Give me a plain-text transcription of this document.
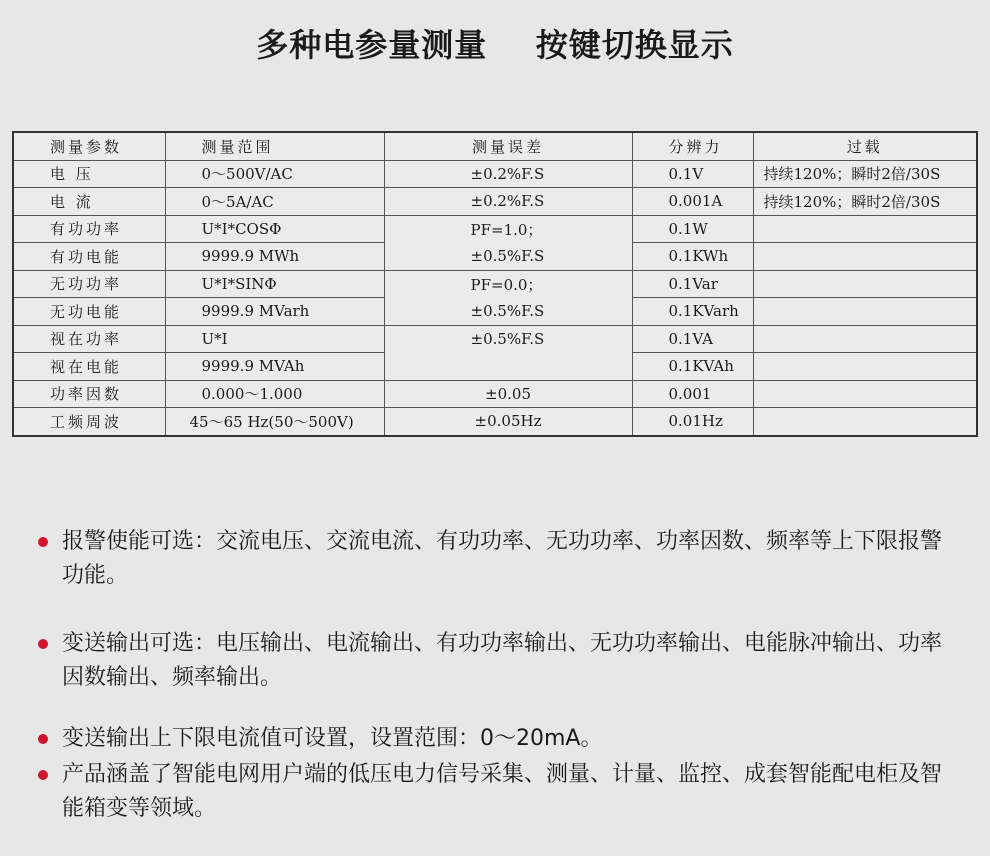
多种电参量测量    按键切换显示
测量参数	测量范围	测量误差	分辨力	过载
电 压	0～500V/AC	±0.2%F.S	0.1V	持续120%；瞬时2倍/30S
电 流	0～5A/AC	±0.2%F.S	0.001A	持续120%；瞬时2倍/30S
有功功率	U*I*COSΦ	PF=1.0；	0.1W	
有功电能	9999.9 MWh	±0.5%F.S	0.1KWh	
无功功率	U*I*SINΦ	PF=0.0；	0.1Var	
无功电能	9999.9 MVarh	±0.5%F.S	0.1KVarh	
视在功率	U*I	±0.5%F.S	0.1VA	
视在电能	9999.9 MVAh		0.1KVAh	
功率因数	0.000～1.000	±0.05	0.001	
工频周波	45～65 Hz(50～500V)	±0.05Hz	0.01Hz	
报警使能可选：交流电压、交流电流、有功功率、无功功率、功率因数、频率等上下限报警功能。
变送输出可选：电压输出、电流输出、有功功率输出、无功功率输出、电能脉冲输出、功率因数输出、频率输出。
变送输出上下限电流值可设置，设置范围：0～20mA。
产品涵盖了智能电网用户端的低压电力信号采集、测量、计量、监控、成套智能配电柜及智能箱变等领域。
